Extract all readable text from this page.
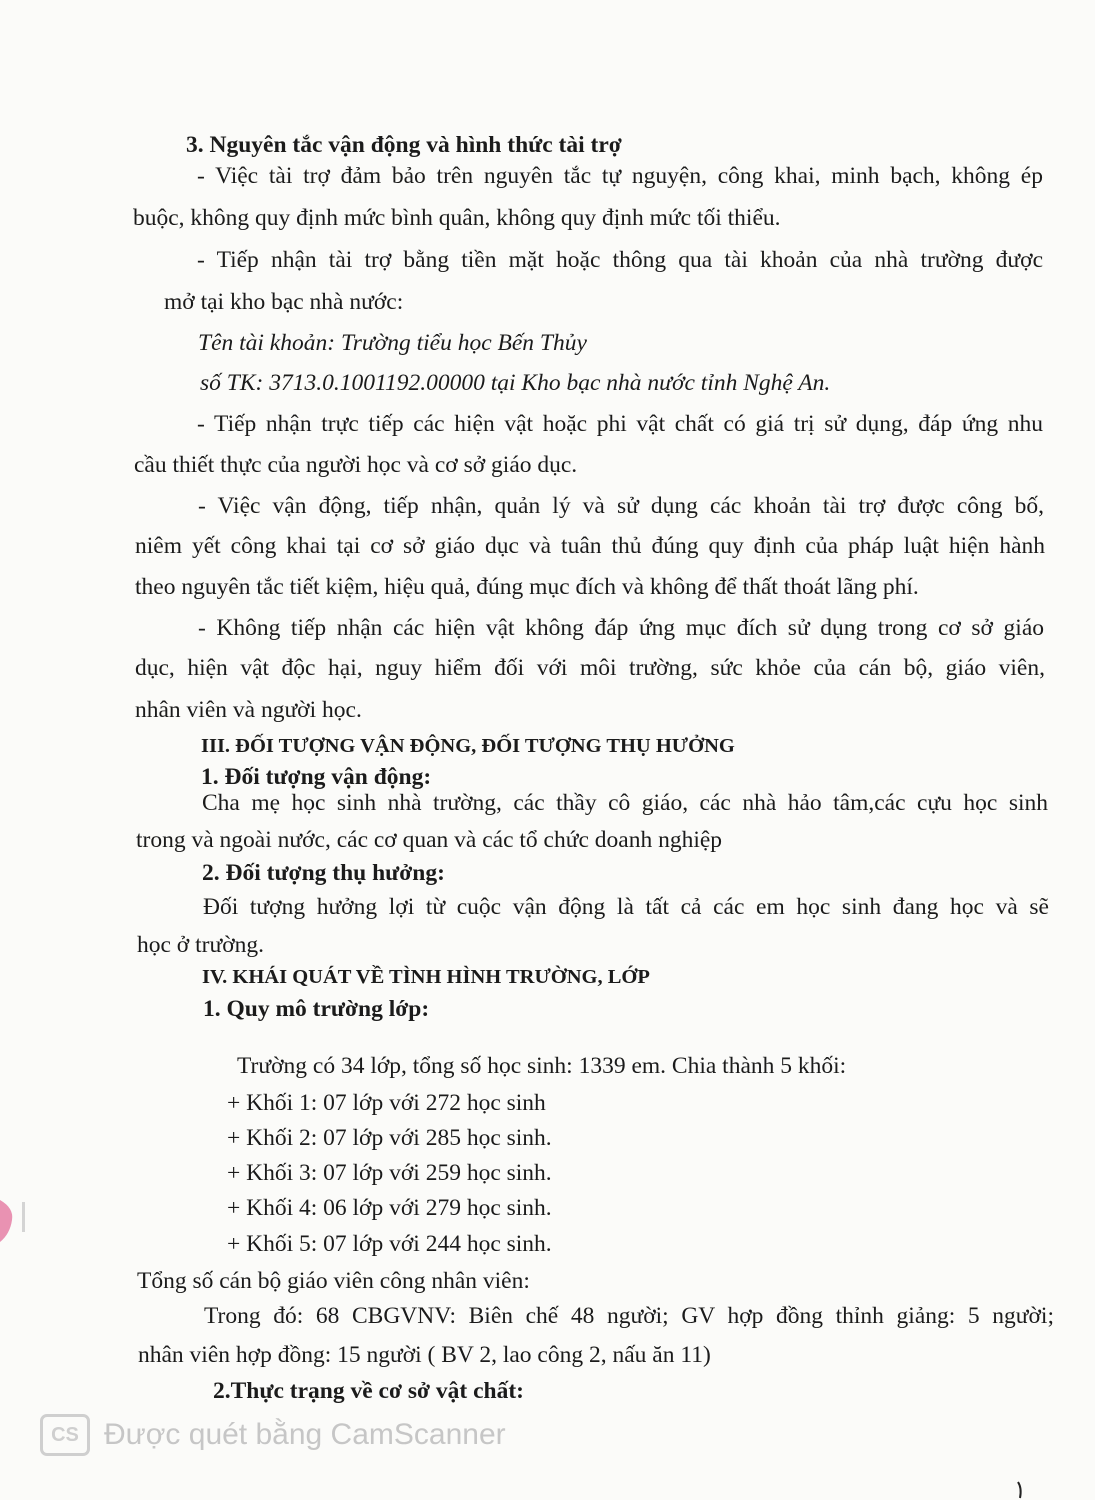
3. Nguyên tắc vận động và hình thức tài trợ

- Việc tài trợ đảm bảo trên nguyên tắc tự nguyện, công khai, minh bạch, không ép

buộc, không quy định mức bình quân, không quy định mức tối thiểu.

- Tiếp nhận tài trợ bằng tiền mặt hoặc thông qua tài khoản của nhà trường được

mở tại kho bạc nhà nước:

Tên tài khoản: Trường tiểu học Bến Thủy

số TK: 3713.0.1001192.00000 tại Kho bạc nhà nước tỉnh Nghệ An.

- Tiếp nhận trực tiếp các hiện vật hoặc phi vật chất có giá trị sử dụng, đáp ứng nhu

cầu thiết thực của người học và cơ sở giáo dục.

- Việc vận động, tiếp nhận, quản lý và sử dụng các khoản tài trợ được công bố,

niêm yết công khai tại cơ sở giáo dục và tuân thủ đúng quy định của pháp luật hiện hành

theo nguyên tắc tiết kiệm, hiệu quả, đúng mục đích và không để thất thoát lãng phí.

- Không tiếp nhận các hiện vật không đáp ứng mục đích sử dụng trong cơ sở giáo

dục, hiện vật độc hại, nguy hiểm đối với môi trường, sức khỏe của cán bộ, giáo viên,

nhân viên và người học.

III. ĐỐI TƯỢNG VẬN ĐỘNG, ĐỐI TƯỢNG THỤ HƯỞNG

1. Đối tượng vận động:

Cha mẹ học sinh nhà trường, các thầy cô giáo, các nhà hảo tâm,các cựu học sinh

trong và ngoài nước, các cơ quan và các tổ chức doanh nghiệp

2. Đối tượng thụ hưởng:

Đối tượng hưởng lợi từ cuộc vận động là tất cả các em học sinh đang học và sẽ

học ở trường.

IV. KHÁI QUÁT VỀ TÌNH HÌNH TRƯỜNG, LỚP

1. Quy mô trường lớp:

Trường có 34 lớp, tổng số học sinh: 1339 em. Chia thành 5 khối:

+ Khối 1: 07 lớp với 272 học sinh

+ Khối 2: 07 lớp với 285 học sinh.

+ Khối 3: 07 lớp với 259 học sinh.

+ Khối 4: 06 lớp với 279 học sinh.

+ Khối 5: 07 lớp với 244 học sinh.

Tổng số cán bộ giáo viên công nhân viên:

Trong đó: 68 CBGVNV: Biên chế 48 người; GV hợp đồng thỉnh giảng: 5 người;

nhân viên hợp đồng: 15 người ( BV 2, lao công 2, nấu ăn 11)

2.Thực trạng về cơ sở vật chất:

CS Được quét bằng CamScanner
